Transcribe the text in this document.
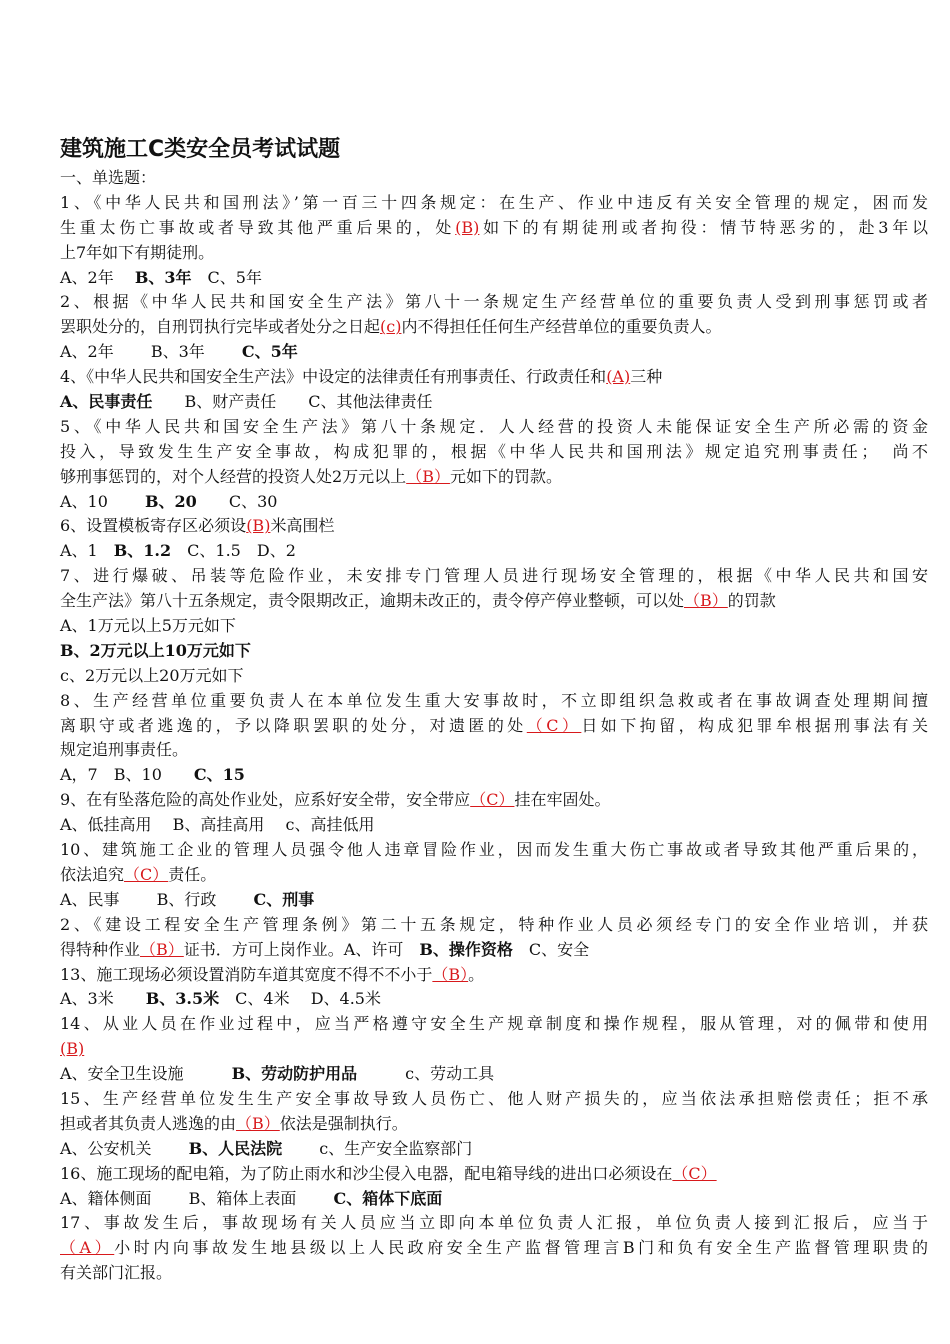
建筑施工C类安全员考试试题
一、单选题：
1、《中华人民共和国刑法》’第一百三十四条规定：在生产、作业中违反有关安全管理的规定，困而发
生重太伤亡事故或者导致其他严重后果的，处(B)如下的有期徒刑或者拘役：情节特恶劣的，赴3年以
上7年如下有期徒刑。
A、2年　 B、3年　 C、5年
2、根据《中华人民共和国安全生产法》第八十一条规定生产经营单位的重要负责人受到刑事惩罚或者
罢职处分的，自刑罚执行完毕或者处分之日起(c)内不得担任任何生产经营单位的重要负责人。
A、2年　 　 B、3年　　 C、5年
4、《中华人民共和国安全生产法》中设定的法律责任有刑事责任、行政责任和(A)三种
A、民事责任　　 B、财产责任　　 C、其他法律责任
5、《中华人民共和国安全生产法》第八十条规定．人人经营的投资人未能保证安全生产所必需的资金
投入，导致发生生产安全事故，构成犯罪的，根据《中华人民共和国刑法》规定追究刑事责任；　尚不
够刑事惩罚的，对个人经营的投资人处2万元以上（B）元如下的罚款。
A、10　 　 B、20　　 C、30
6、设置模板寄存区必须设(B)米高围栏
A、1　 B、1.2　 C、1.5　 D、2
7、进行爆破、吊装等危险作业，未安排专门管理人员进行现场安全管理的，根据《中华人民共和国安
全生产法》第八十五条规定，责令限期改正，逾期未改正的，责令停产停业整顿，可以处（B）的罚款
A、1万元以上5万元如下
B、2万元以上10万元如下
c、2万元以上20万元如下
8、生产经营单位重要负责人在本单位发生重大安事故时，不立即组织急救或者在事故调查处理期间擅
离职守或者逃逸的，予以降职罢职的处分，对遗匿的处（C）日如下拘留，构成犯罪牟根据刑事法有关
规定追刑事责任。
A，7　 B、10　　 C、15
9、在有坠落危险的高处作业处，应系好安全带，安全带应（C）挂在牢固处。
A、低挂高用　 B、高挂高用　 c、高挂低用
10、建筑施工企业的管理人员强令他人违章冒险作业，因而发生重大伤亡事故或者导致其他严重后果的，
依法追究（C）责任。
A、民事　　 B、行政　　 C、刑事
2、《建设工程安全生产管理条例》第二十五条规定，特种作业人员必须经专门的安全作业培训，并获
得特种作业（B）证书．方可上岗作业。A、许可　 B、操作资格　 C、安全
13、施工现场必须设置消防车道其宽度不得不不小于（B）。
A、3米　　 B、3.5米　 C、4米　 D、4.5米
14、从业人员在作业过程中，应当严格遵守安全生产规章制度和操作规程，服从管理，对的佩带和使用
(B)
A、安全卫生设施　　　	B、劳动防护用品　　　	c、劳动工具
15、生产经营单位发生生产安全事故导致人员伤亡、他人财产损失的，应当依法承担赔偿责任；拒不承
担或者其负责人逃逸的由（B）依法是强制执行。
A、公安机关　　 B、人民法院　　 c、生产安全监察部门
16、施工现场的配电箱，为了防止雨水和沙尘侵入电器，配电箱导线的进出口必须设在（C）
A、籍体侧面　　 B、箱体上表面　　 C、箱体下底面
17、事故发生后，事故现场有关人员应当立即向本单位负责人汇报，单位负责人接到汇报后，应当于
（A）小时内向事故发生地县级以上人民政府安全生产监督管理言B门和负有安全生产监督管理职贵的
有关部门汇报。
